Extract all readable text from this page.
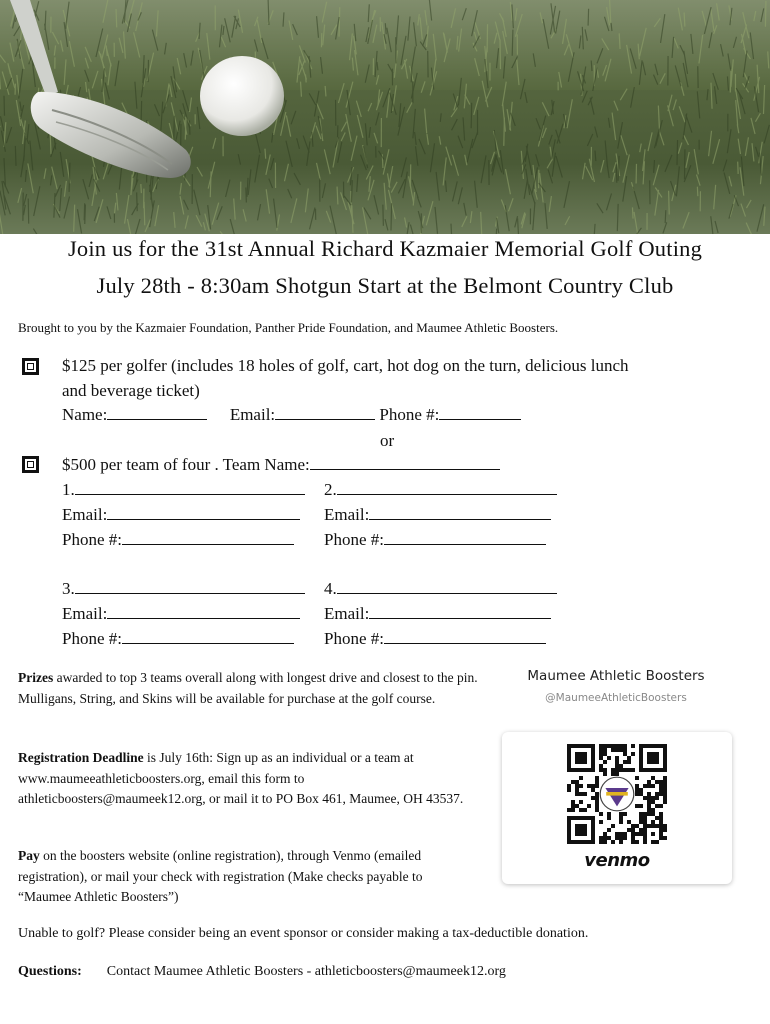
Join us for the 31st Annual Richard Kazmaier Memorial Golf Outing
July 28th - 8:30am Shotgun Start at the Belmont Country Club
Brought to you by the Kazmaier Foundation, Panther Pride Foundation, and Maumee Athletic Boosters.
$125 per golfer (includes 18 holes of golf, cart, hot dog on the turn, delicious lunch
and beverage ticket)
Name:	Email:	Phone #:
or
$500 per team of four . Team Name:
1.	2.
Email:	Email:
Phone #:	Phone #:
3.	4.
Email:	Email:
Phone #:	Phone #:
Prizes awarded to top 3 teams overall along with longest drive and closest to the pin. Mulligans, String, and Skins will be available for purchase at the golf course.
Registration Deadline is July 16th: Sign up as an individual or a team at www.maumeeathleticboosters.org, email this form to athleticboosters@maumeek12.org, or mail it to PO Box 461, Maumee, OH 43537.
Pay on the boosters website (online registration), through Venmo (emailed registration), or mail your check with registration (Make checks payable to “Maumee Athletic Boosters”)
Unable to golf? Please consider being an event sponsor or consider making a tax-deductible donation.
Questions: Contact Maumee Athletic Boosters - athleticboosters@maumeek12.org
Maumee Athletic Boosters
@MaumeeAthleticBoosters
venmo
